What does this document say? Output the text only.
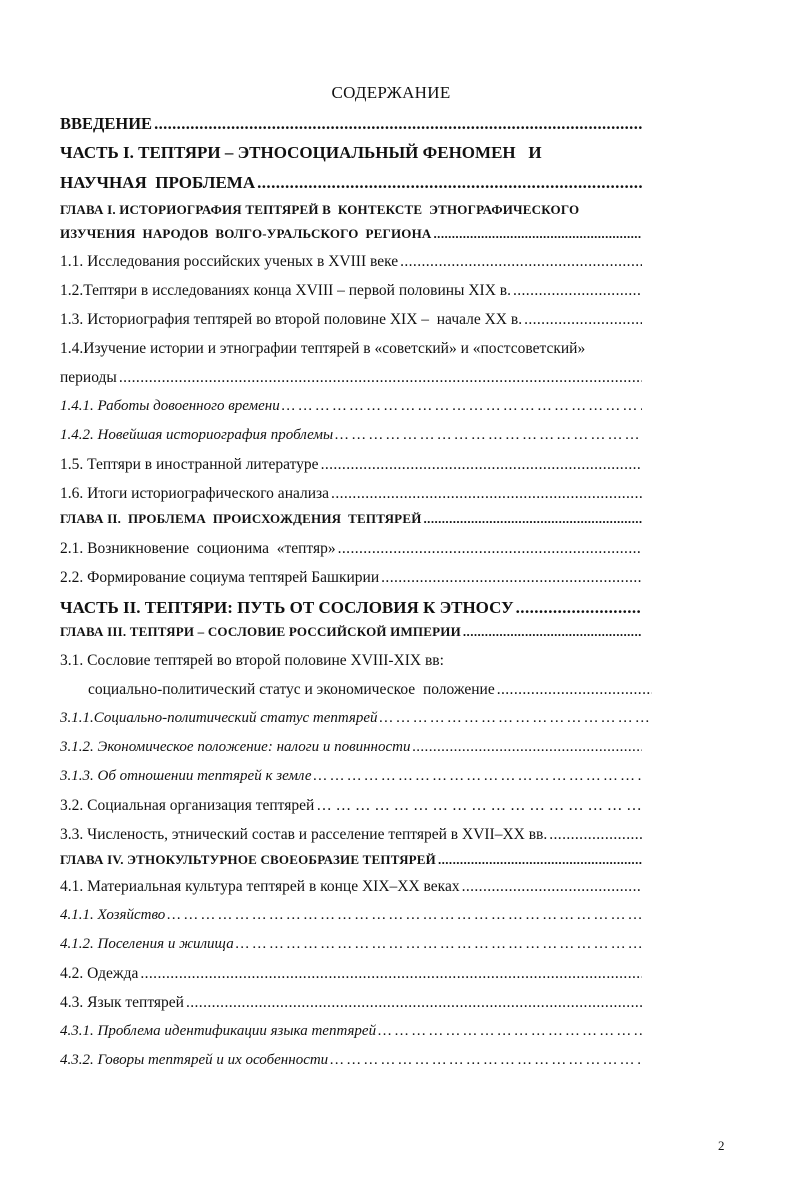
СОДЕРЖАНИЕ
ВВЕДЕНИЕ
.....
ЧАСТЬ I. ТЕПТЯРИ – ЭТНОСОЦИАЛЬНЫЙ ФЕНОМЕН   И
НАУЧНАЯ  ПРОБЛЕМА
.....
ГЛАВА I. ИСТОРИОГРАФИЯ ТЕПТЯРЕЙ В  КОНТЕКСТЕ  ЭТНОГРАФИЧЕСКОГО
ИЗУЧЕНИЯ  НАРОДОВ  ВОЛГО-УРАЛЬСКОГО  РЕГИОНА
.....
1.1. Исследования российских ученых в XVIII веке
.....
1.2.Тептяри в исследованиях конца XVIII – первой половины XIX в.
.....
1.3. Историография тептярей во второй половине XIX –  начале XX в.
.....
1.4.Изучение истории и этнографии тептярей в «советский» и «постсоветский»
периоды
.....
1.4.1. Работы довоенного времени
… … … … … … … … … … … … … … … … … … … … … … … … … … … … … … … … … … … … … … … … … … … … … … … … … … … … … … … … … … … … … … … … … … … … … … … … … … …
1.4.2. Новейшая историография проблемы
… … … … … … … … … … … … … … … … … … … … … … … … … … … … … … … … … … … … … … … … … … … … … … … … … … … … … … … … … … … … … … … … … … … … … … … … … … …
1.5. Тептяри в иностранной литературе
.....
1.6. Итоги историографического анализа
.....
ГЛАВА II.  ПРОБЛЕМА  ПРОИСХОЖДЕНИЯ  ТЕПТЯРЕЙ
.....
2.1. Возникновение  соционима  «тептяр»
.....
2.2. Формирование социума тептярей Башкирии
.....
ЧАСТЬ II. ТЕПТЯРИ: ПУТЬ ОТ СОСЛОВИЯ К ЭТНОСУ
.....
ГЛАВА III. ТЕПТЯРИ – СОСЛОВИЕ РОССИЙСКОЙ ИМПЕРИИ
.....
3.1. Сословие тептярей во второй половине XVIII-XIX вв:
социально-политический статус и экономическое  положение
.....
3.1.1.Социально-политический статус тептярей
… … … … … … … … … … … … … … … … … … … … … … … … … … … … … … … … … … … … … … … … … … … … … … … … … … … … … … … … … … … … … … … … … … … … … … … … … … …
3.1.2. Экономическое положение: налоги и повинности
.....
3.1.3. Об отношении тептярей к земле
… … … … … … … … … … … … … … … … … … … … … … … … … … … … … … … … … … … … … … … … … … … … … … … … … … … … … … … … … … … … … … … … … … … … … … … … … … …
3.2. Социальная организация тептярей
… … … … … … … … … … … … … … … … … … … … … … … … … … … … … … … … … … … … … … … … … … … … … … … … … … … … … … … … … … … … … … … … … … … … … … … … … … …
3.3. Численость, этнический состав и расселение тептярей в XVII–XX вв.
.....
ГЛАВА IV. ЭТНОКУЛЬТУРНОЕ СВОЕОБРАЗИЕ ТЕПТЯРЕЙ
.....
4.1. Материальная культура тептярей в конце XIX–XX веках
.....
4.1.1. Хозяйство
… … … … … … … … … … … … … … … … … … … … … … … … … … … … … … … … … … … … … … … … … … … … … … … … … … … … … … … … … … … … … … … … … … … … … … … … … … …
4.1.2. Поселения и жилища
… … … … … … … … … … … … … … … … … … … … … … … … … … … … … … … … … … … … … … … … … … … … … … … … … … … … … … … … … … … … … … … … … … … … … … … … … … …
4.2. Одежда
.....
4.3. Язык тептярей
.....
4.3.1. Проблема идентификации языка тептярей
… … … … … … … … … … … … … … … … … … … … … … … … … … … … … … … … … … … … … … … … … … … … … … … … … … … … … … … … … … … … … … … … … … … … … … … … … … …
4.3.2. Говоры тептярей и их особенности
… … … … … … … … … … … … … … … … … … … … … … … … … … … … … … … … … … … … … … … … … … … … … … … … … … … … … … … … … … … … … … … … … … … … … … … … … … …
2
